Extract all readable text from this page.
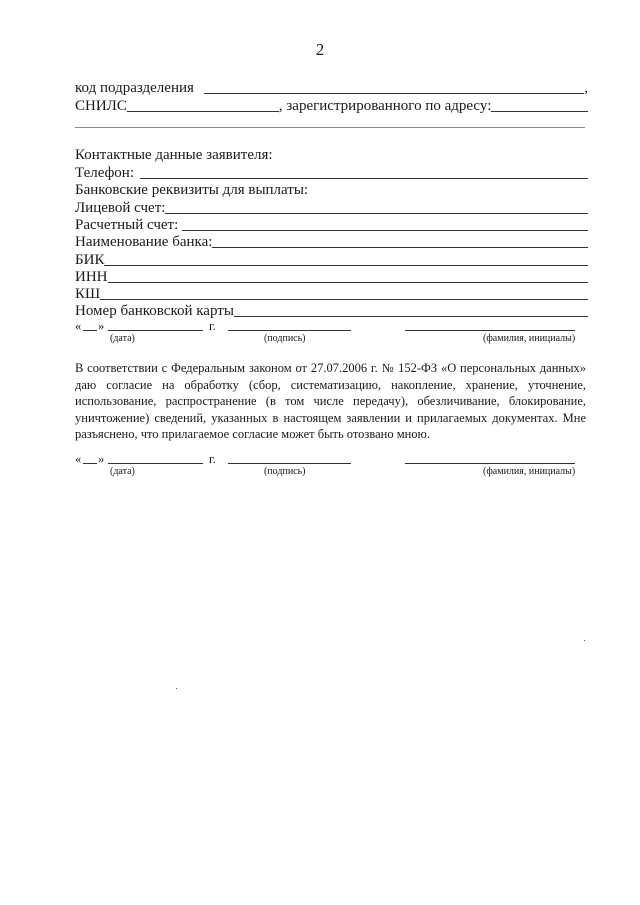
2
код подразделения	,
СНИЛС	, зарегистрированного по адресу:
Контактные данные заявителя:
Телефон:
Банковские реквизиты для выплаты:
Лицевой счет:
Расчетный счет:
Наименование банка:
БИК
ИНН
КШ
Номер банковской карты
« »	г.
(дата)	(подпись)	(фамилия, инициалы)
В соответствии с Федеральным законом от 27.07.2006 г. № 152-ФЗ «О персональных данных» даю согласие на обработку (сбор, систематизацию, накопление, хранение, уточнение, использование, распространение (в том числе передачу), обезличивание, блокирование, уничтожение) сведений, указанных в настоящем заявлении и прилагаемых документах. Мне разъяснено, что прилагаемое согласие может быть отозвано мною.
« »	г.
(дата)	(подпись)	(фамилия, инициалы)
